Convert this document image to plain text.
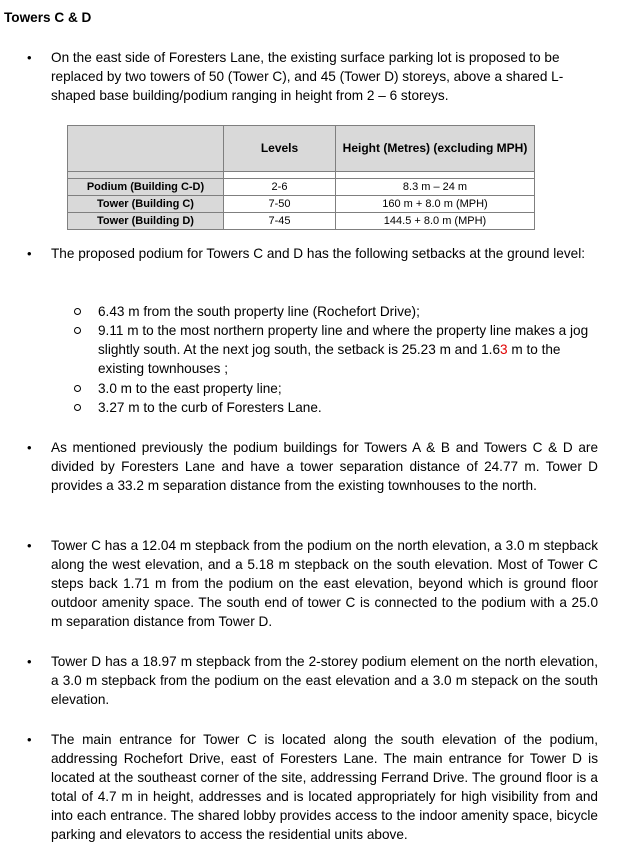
Towers C & D
• On the east side of Foresters Lane, the existing surface parking lot is proposed to be replaced by two towers of 50 (Tower C), and 45 (Tower D) storeys, above a shared L-shaped base building/podium ranging in height from 2 – 6 storeys.

	Levels	Height (Metres) (excluding MPH)

Podium (Building C-D)	2-6	8.3 m – 24 m
Tower (Building C)	7-50	160 m + 8.0 m (MPH)
Tower (Building D)	7-45	144.5 + 8.0 m (MPH)
• The proposed podium for Towers C and D has the following setbacks at the ground level:

6.43 m from the south property line (Rochefort Drive);

9.11 m to the most northern property line and where the property line makes a jog slightly south. At the next jog south, the setback is 25.23 m and 1.63 m to the existing townhouses ;

3.0 m to the east property line;

3.27 m to the curb of Foresters Lane.

• As mentioned previously the podium buildings for Towers A & B and Towers C & D are divided by Foresters Lane and have a tower separation distance of 24.77 m. Tower D provides a 33.2 m separation distance from the existing townhouses to the north.

• Tower C has a 12.04 m stepback from the podium on the north elevation, a 3.0 m stepback along the west elevation, and a 5.18 m stepback on the south elevation. Most of Tower C steps back 1.71 m from the podium on the east elevation, beyond which is ground floor outdoor amenity space. The south end of tower C is connected to the podium with a 25.0 m separation distance from Tower D.

• Tower D has a 18.97 m stepback from the 2-storey podium element on the north elevation, a 3.0 m stepback from the podium on the east elevation and a 3.0 m stepack on the south elevation.

• The main entrance for Tower C is located along the south elevation of the podium, addressing Rochefort Drive, east of Foresters Lane. The main entrance for Tower D is located at the southeast corner of the site, addressing Ferrand Drive. The ground floor is a total of 4.7 m in height, addresses and is located appropriately for high visibility from and into each entrance. The shared lobby provides access to the indoor amenity space, bicycle parking and elevators to access the residential units above.
